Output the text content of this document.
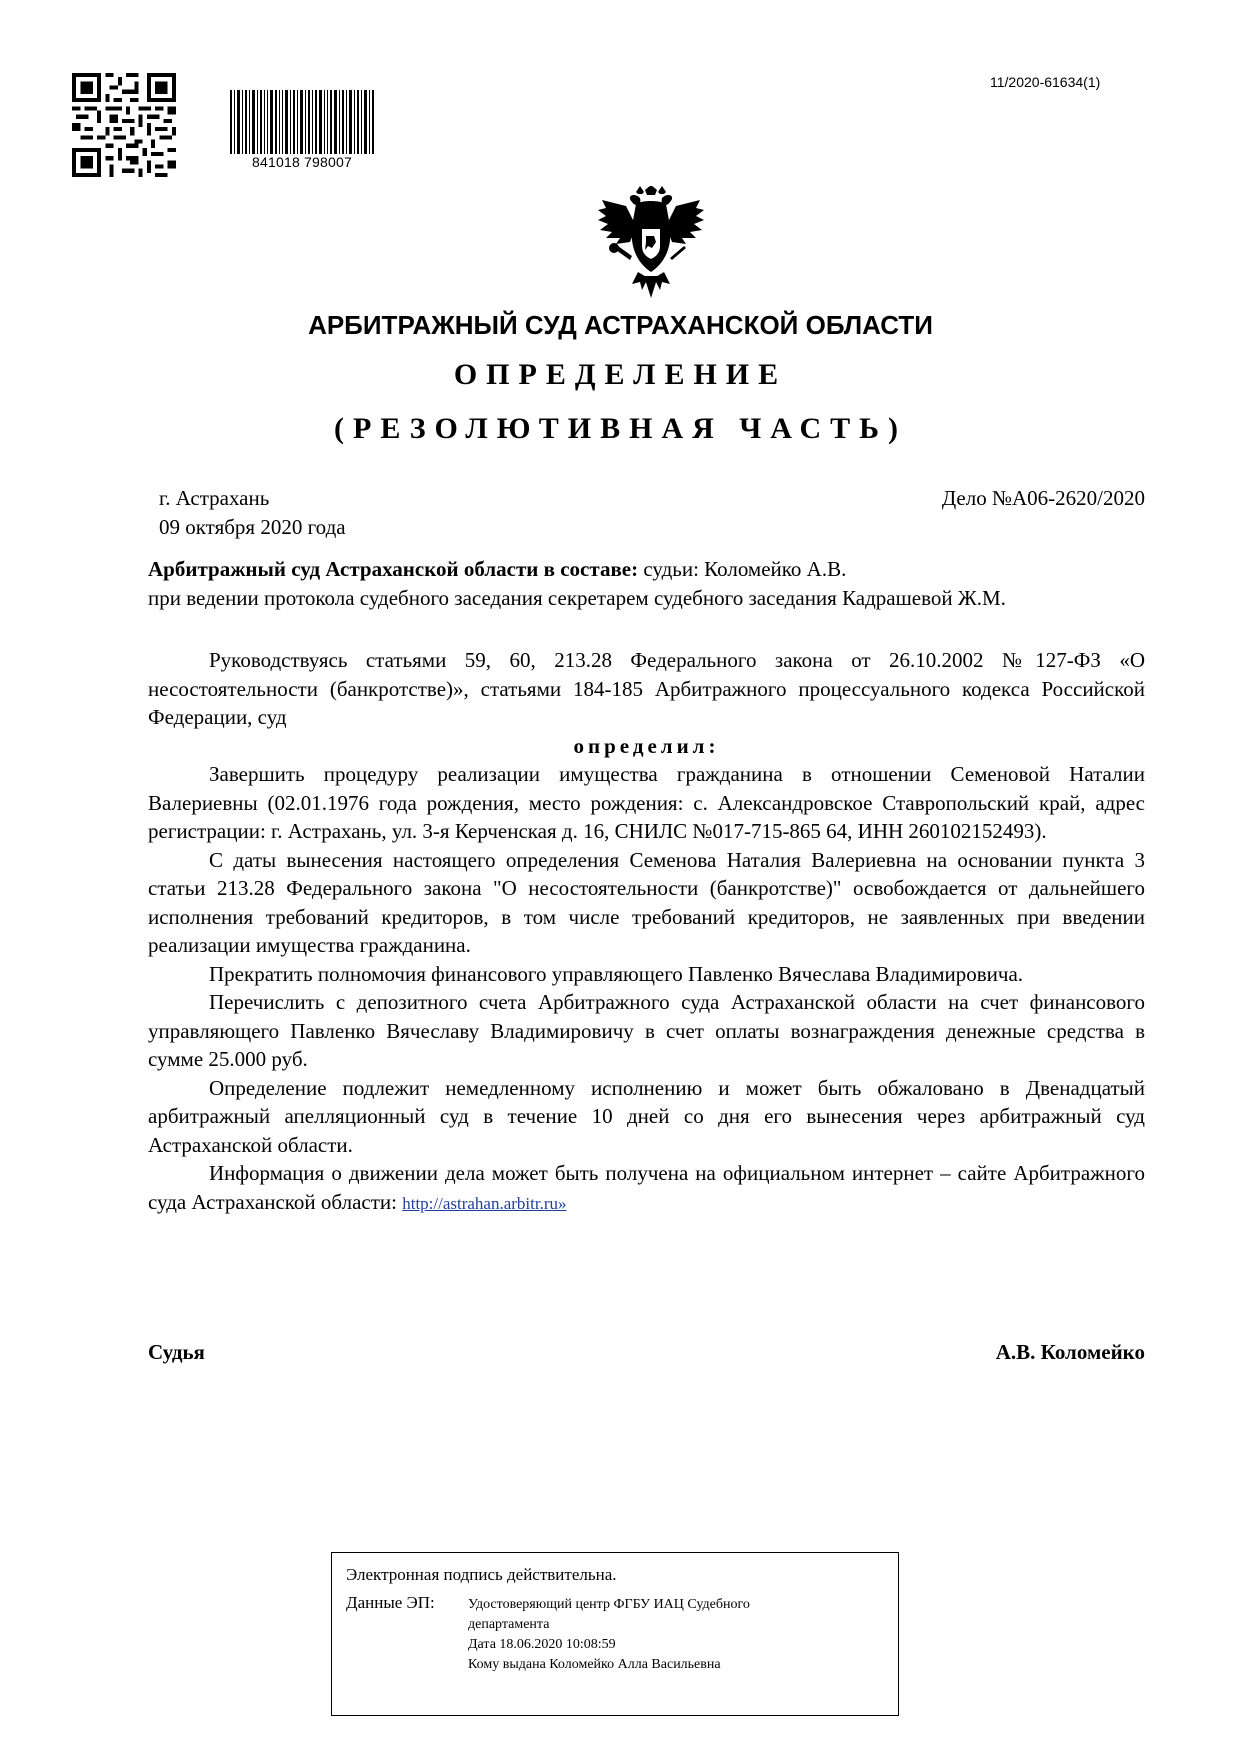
11/2020-61634(1)
841018 798007
АРБИТРАЖНЫЙ СУД АСТРАХАНСКОЙ ОБЛАСТИ
ОПРЕДЕЛЕНИЕ
(РЕЗОЛЮТИВНАЯ ЧАСТЬ)
г. Астрахань
09 октября 2020 года
Дело №А06-2620/2020
Арбитражный суд Астраханской области в составе: судьи: Коломейко А.В.
при ведении протокола судебного заседания секретарем судебного заседания Кадрашевой Ж.М.

Руководствуясь статьями 59, 60, 213.28 Федерального закона от 26.10.2002 №127-ФЗ «О несостоятельности (банкротстве)», статьями 184-185 Арбитражного процессуального кодекса Российской Федерации, суд

определил:

Завершить процедуру реализации имущества гражданина в отношении Семеновой Наталии Валериевны (02.01.1976 года рождения, место рождения: с. Александровское Ставропольский край, адрес регистрации: г. Астрахань, ул. 3-я Керченская д. 16, СНИЛС №017-715-865 64, ИНН 260102152493).

С даты вынесения настоящего определения Семенова Наталия Валериевна на основании пункта 3 статьи 213.28 Федерального закона "О несостоятельности (банкротстве)" освобождается от дальнейшего исполнения требований кредиторов, в том числе требований кредиторов, не заявленных при введении реализации имущества гражданина.

Прекратить полномочия финансового управляющего Павленко Вячеслава Владимировича.

Перечислить с депозитного счета Арбитражного суда Астраханской области на счет финансового управляющего Павленко Вячеславу Владимировичу в счет оплаты вознаграждения денежные средства в сумме 25.000 руб.

Определение подлежит немедленному исполнению и может быть обжаловано в Двенадцатый арбитражный апелляционный суд в течение 10 дней со дня его вынесения через арбитражный суд Астраханской области.

Информация о движении дела может быть получена на официальном интернет – сайте Арбитражного суда Астраханской области: http://astrahan.arbitr.ru»

Судья	А.В. Коломейко
Электронная подпись действительна.
Данные ЭП: Удостоверяющий центр ФГБУ ИАЦ Судебного
департамента
Дата 18.06.2020 10:08:59
Кому выдана Коломейко Алла Васильевна
